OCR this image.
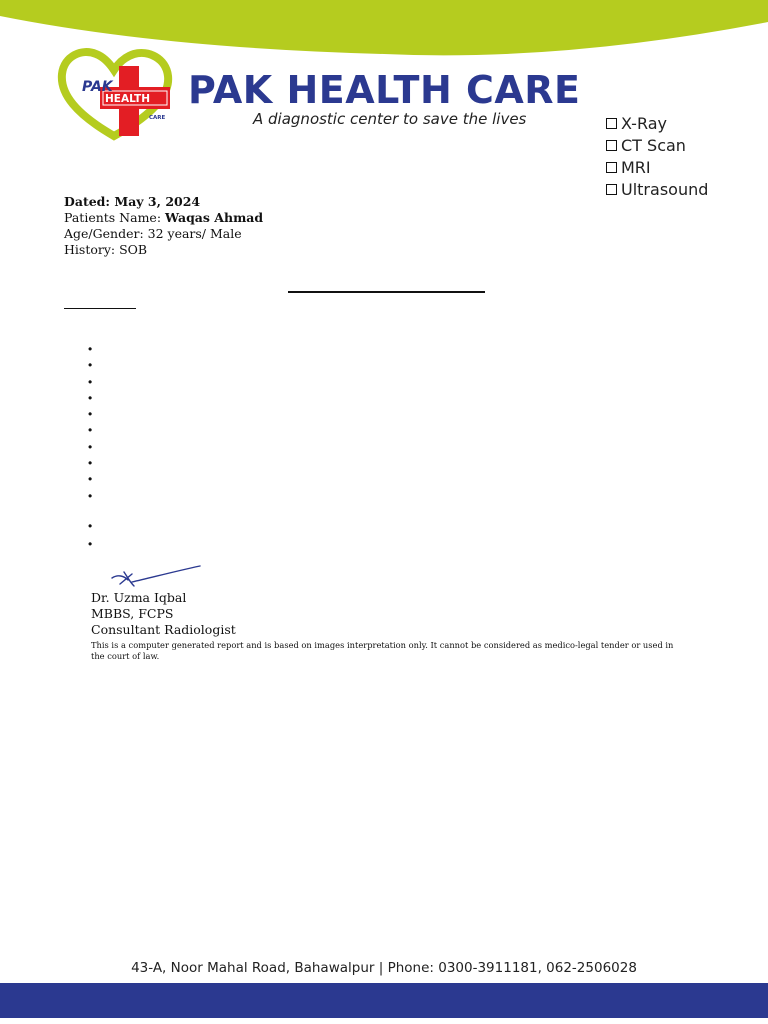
PAK
HEALTH
CARE
PAK HEALTH CARE
A diagnostic center to save the lives	X-Ray
CT Scan
MRI
Ultrasound
Dated: May 3, 2024
Patients Name: Waqas Ahmad
Age/Gender: 32 years/ Male
History: SOB
•
•
•
•
•
•
•
•
•
•
•
•
Dr. Uzma Iqbal
MBBS, FCPS
Consultant Radiologist
This is a computer generated report and is based on images interpretation only. It cannot be considered as medico-legal tender or used in the court of law.
43-A, Noor Mahal Road, Bahawalpur | Phone: 0300-3911181, 062-2506028
